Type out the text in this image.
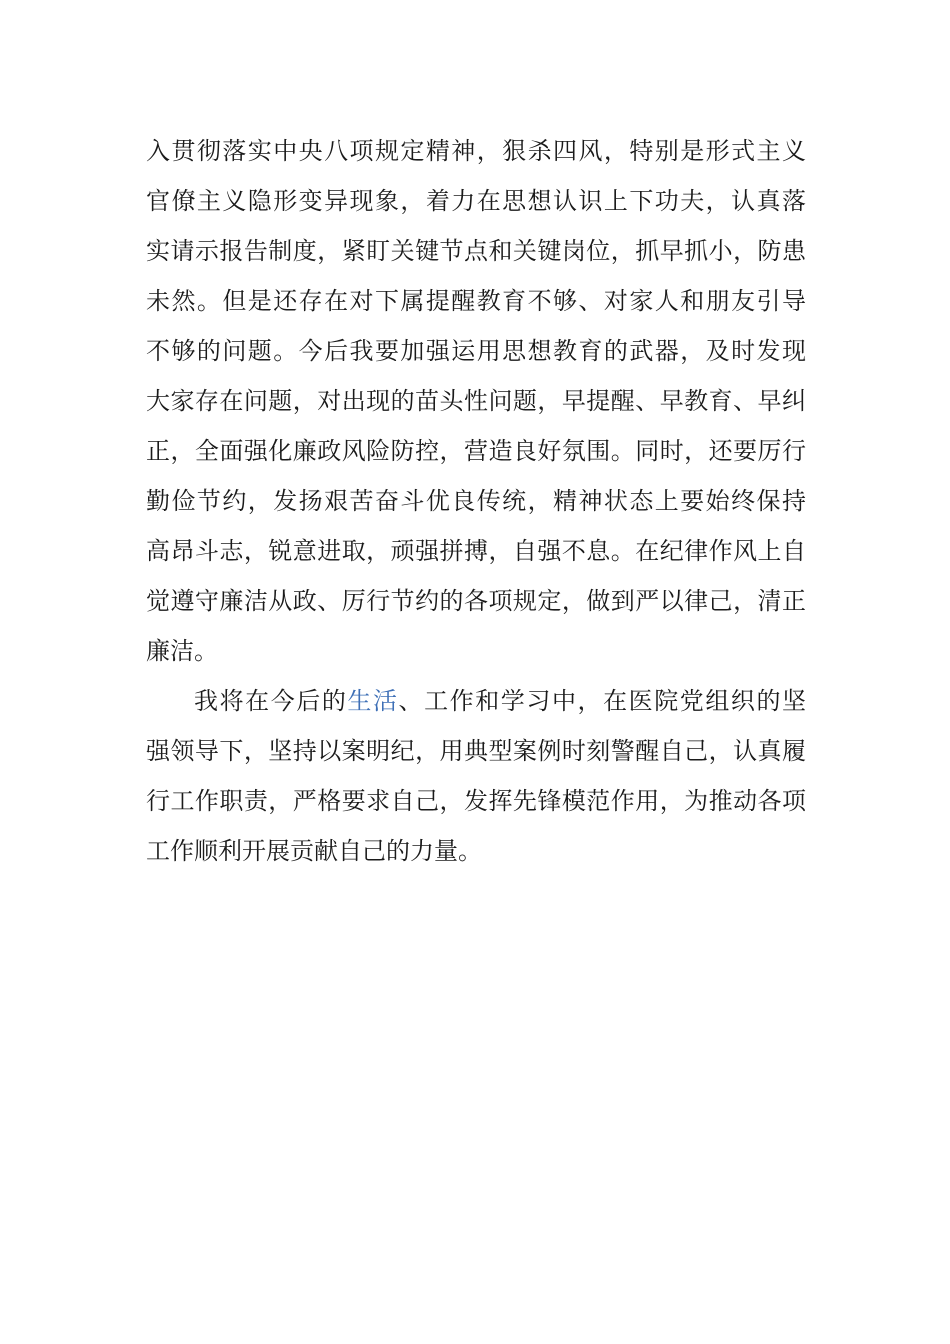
入贯彻落实中央八项规定精神，狠杀四风，特别是形式主义
官僚主义隐形变异现象，着力在思想认识上下功夫，认真落
实请示报告制度，紧盯关键节点和关键岗位，抓早抓小，防患
未然。但是还存在对下属提醒教育不够、对家人和朋友引导
不够的问题。今后我要加强运用思想教育的武器，及时发现
大家存在问题，对出现的苗头性问题，早提醒、早教育、早纠
正，全面强化廉政风险防控，营造良好氛围。同时，还要厉行
勤俭节约，发扬艰苦奋斗优良传统，精神状态上要始终保持
高昂斗志，锐意进取，顽强拼搏，自强不息。在纪律作风上自
觉遵守廉洁从政、厉行节约的各项规定，做到严以律己，清正
廉洁。
我将在今后的生活、工作和学习中，在医院党组织的坚
强领导下，坚持以案明纪，用典型案例时刻警醒自己，认真履
行工作职责，严格要求自己，发挥先锋模范作用，为推动各项
工作顺利开展贡献自己的力量。
